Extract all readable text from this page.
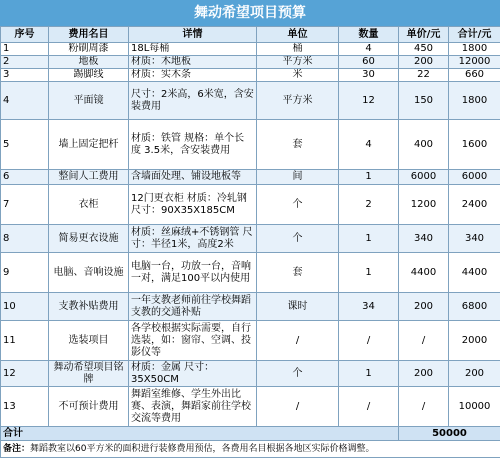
舞动希望项目预算
序号	费用名目	详情	单位	数量	单价/元	合计/元
1	粉刷周漆	18L每桶	桶	4	450	1800
2	地板	材质：木地板	平方米	60	200	12000
3	踢脚线	材质：实木条	米	30	22	660
4	平面镜	尺寸：2米高，6米宽，含安装费用	平方米	12	150	1800
5	墙上固定把杆	材质：铁管 规格：单个长度 3.5米，含安装费用	套	4	400	1600
6	整间人工费用	含墙面处理、铺设地板等	间	1	6000	6000
7	衣柜	12门更衣柜 材质：冷轧钢 尺寸：90X35X185CM	个	2	1200	2400
8	简易更衣设施	材质：丝麻绒+不锈钢管 尺寸：半径1米，高度2米	个	1	340	340
9	电脑、音响设施	电脑一台，功放一台，音响一对，满足100平以内使用	套	1	4400	4400
10	支教补贴费用	一年支教老师前往学校舞蹈支教的交通补贴	课时	34	200	6800
11	选装项目	各学校根据实际需要，自行选装，如：窗帘、空调、投影仪等	/	/	/	2000
12	舞动希望项目铭牌	材质：金属 尺寸：35X50CM	个	1	200	200
13	不可预计费用	舞蹈室维修、学生外出比赛、表演，舞蹈家前往学校交流等费用	/	/	/	10000
合计					50000	
备注：舞蹈教室以60平方米的面积进行装修费用预估，各费用名目根据各地区实际价格调整。						
